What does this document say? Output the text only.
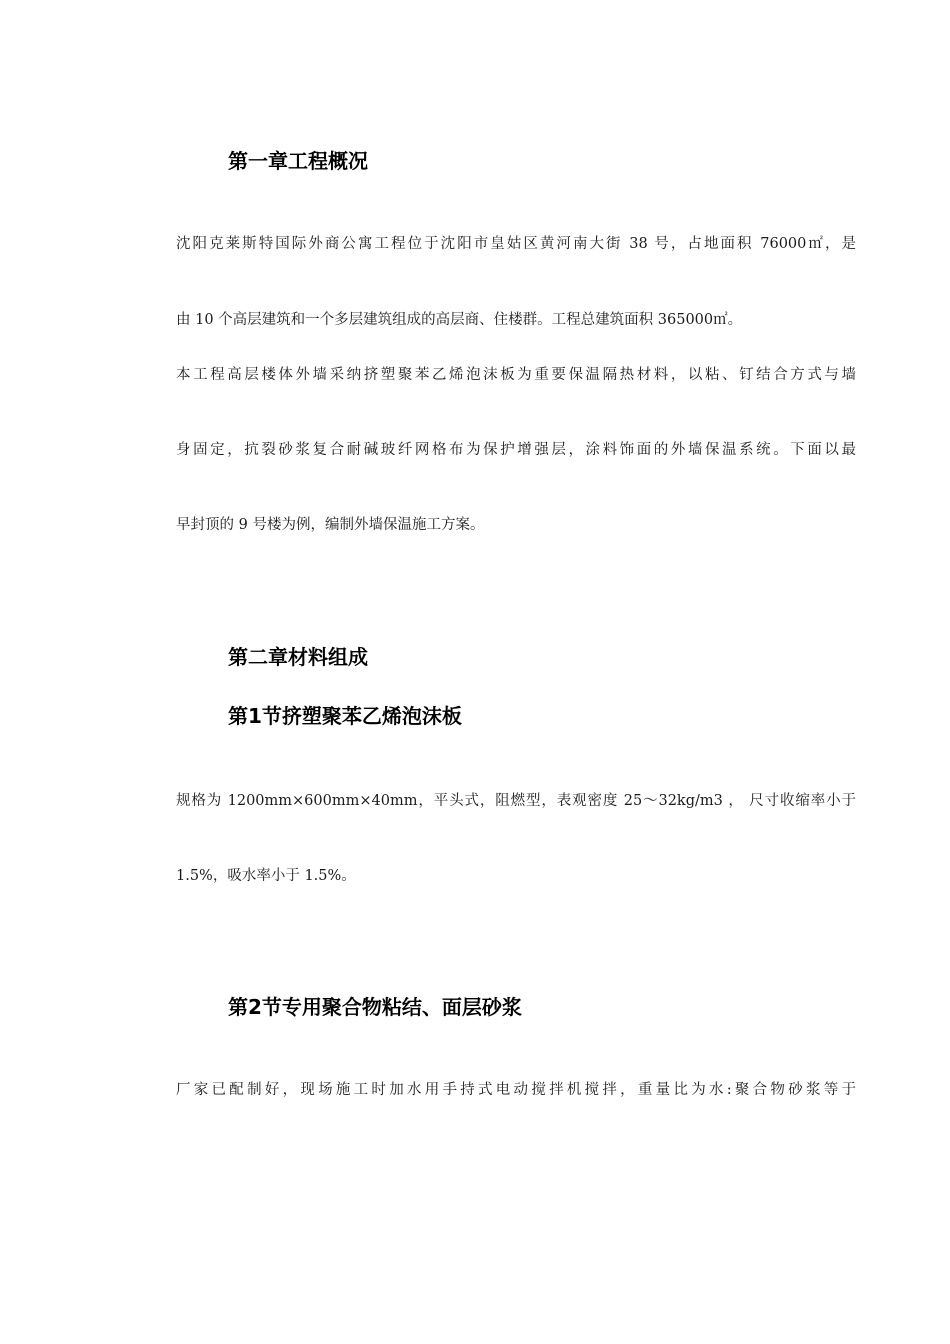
第一章工程概况
沈阳克莱斯特国际外商公寓工程位于沈阳市皇姑区黄河南大街 38 号，占地面积 76000㎡，是
由 10 个高层建筑和一个多层建筑组成的高层商、住楼群。工程总建筑面积 365000㎡。
本工程高层楼体外墙采纳挤塑聚苯乙烯泡沫板为重要保温隔热材料，以粘、钉结合方式与墙
身固定，抗裂砂浆复合耐碱玻纤网格布为保护增强层，涂料饰面的外墙保温系统。下面以最
早封顶的 9 号楼为例，编制外墙保温施工方案。
第二章材料组成
第1节挤塑聚苯乙烯泡沫板
规格为 1200mm×600mm×40mm，平头式，阻燃型，表观密度 25～32kg/m3 ， 尺寸收缩率小于
1.5%，吸水率小于 1.5%。
第2节专用聚合物粘结、面层砂浆
厂家已配制好，现场施工时加水用手持式电动搅拌机搅拌，重量比为水:聚合物砂浆等于
